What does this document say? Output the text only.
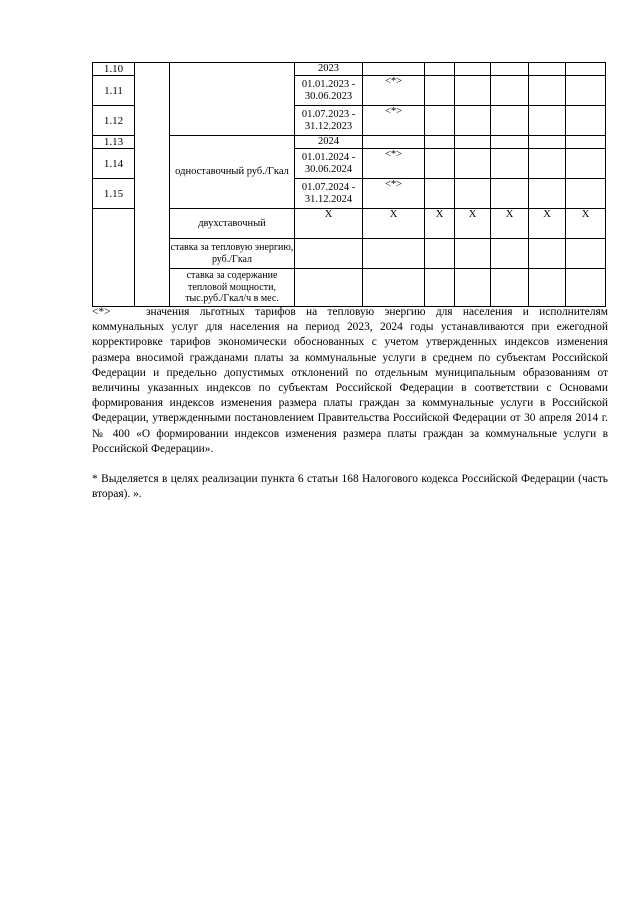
1.10			2023						
1.11			01.01.2023 - 30.06.2023	<*>					
1.12			01.07.2023 - 31.12.2023	<*>					
1.13		одноставочный руб./Гкал	2024						
1.14			01.01.2024 - 30.06.2024	<*>					
1.15			01.07.2024 - 31.12.2024	<*>					
		двухставочный	X	X	X	X	X	X	X
		ставка за тепловую энергию, руб./Гкал							
		ставка за содержание тепловой мощности, тыс.руб./Гкал/ч в мес.							

<*>	значения льготных тарифов на тепловую энергию для населения и исполнителям коммунальных услуг для населения на период 2023, 2024 годы устанавливаются при ежегодной корректировке тарифов экономически обоснованных с учетом утвержденных индексов изменения размера вносимой гражданами платы за коммунальные услуги в среднем по субъектам Российской Федерации и предельно допустимых отклонений по отдельным муниципальным образованиям от величины указанных индексов по субъектам Российской Федерации в соответствии с Основами формирования индексов изменения размера платы граждан за коммунальные услуги в Российской Федерации, утвержденными постановлением Правительства Российской Федерации от 30 апреля 2014 г. № 400 «О формировании индексов изменения размера платы граждан за коммунальные услуги в Российской Федерации».

* Выделяется в целях реализации пункта 6 статьи 168 Налогового кодекса Российской Федерации (часть вторая). ».
